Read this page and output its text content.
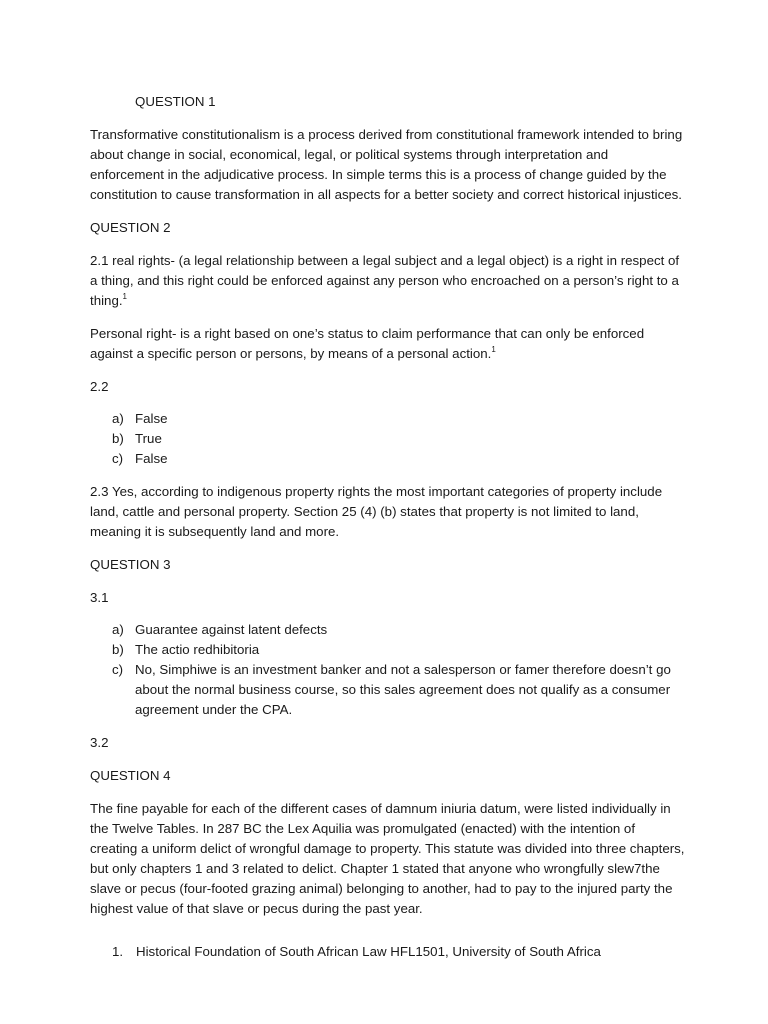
QUESTION 1

Transformative constitutionalism is a process derived from constitutional framework intended to bring about change in social, economical, legal, or political systems through interpretation and enforcement in the adjudicative process. In simple terms this is a process of change guided by the constitution to cause transformation in all aspects for a better society and correct historical injustices.

QUESTION 2

2.1 real rights- (a legal relationship between a legal subject and a legal object) is a right in respect of a thing, and this right could be enforced against any person who encroached on a person’s right to a thing.$^1$

Personal right- is a right based on one’s status to claim performance that can only be enforced against a specific person or persons, by means of a personal action.$^1$

2.2

a) False
b) True
c) False

2.3 Yes, according to indigenous property rights the most important categories of property include land, cattle and personal property. Section 25 (4) (b) states that property is not limited to land, meaning it is subsequently land and more.

QUESTION 3

3.1

a) Guarantee against latent defects
b) The actio redhibitoria
c) No, Simphiwe is an investment banker and not a salesperson or famer therefore doesn’t go about the normal business course, so this sales agreement does not qualify as a consumer agreement under the CPA.

3.2

QUESTION 4

The fine payable for each of the different cases of damnum iniuria datum, were listed individually in the Twelve Tables. In 287 BC the Lex Aquilia was promulgated (enacted) with the intention of creating a uniform delict of wrongful damage to property. This statute was divided into three chapters, but only chapters 1 and 3 related to delict. Chapter 1 stated that anyone who wrongfully slew7the slave or pecus (four-footed grazing animal) belonging to another, had to pay to the injured party the highest value of that slave or pecus during the past year.

1. Historical Foundation of South African Law HFL1501, University of South Africa
